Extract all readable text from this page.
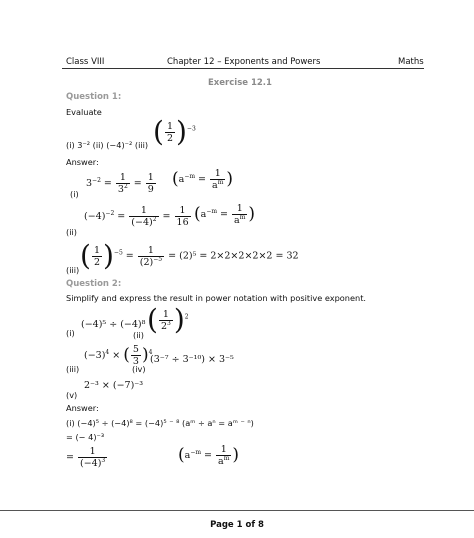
Class VIII	Chapter 12 – Exponents and Powers	Maths
Exercise 12.1
Question 1:
Evaluate
(i) 3⁻² (ii) (−4)⁻² (iii) ( $\frac{1}{2} )^{-3}$
Answer:
(i)
$3^{-2} = \frac{1}{3^2} = \frac{1}{9} (a^{-m} = \frac{1}{a^m}$ )
(ii)
$(-4)^{-2} = \frac{1}{(-4)^2} = \frac{1}{16} (a^{-m} = \frac{1}{a^m}$ )
(iii) ( $\frac{1}{2} )^{-5} = \frac{1}{(2)^{-5}} = (2)^5 = 2\times 2\times 2\times 2\times 2 = 32$
Question 2:
Simplify and express the result in power notation with positive exponent.
(i)
(−4)⁵ ÷ (−4)⁸
(ii) ( $\frac{1}{2^3} )^2$
(iii)
$(-3)^4$ × ( $\frac{5}{3} )^4$
(iv)
(3⁻⁷ ÷ 3⁻¹⁰) × 3⁻⁵
(v)
2⁻³ × (−7)⁻³
Answer:
(i) (−4)⁵ ÷ (−4)⁸ = (−4)⁵ ⁻ ⁸ (aᵐ ÷ aⁿ = aᵐ ⁻ ⁿ)
= (− 4)⁻³
= $\frac{1}{(-4)^3}$	($a^{-m} = \frac{1}{a^m}$ )
Page 1 of 8
